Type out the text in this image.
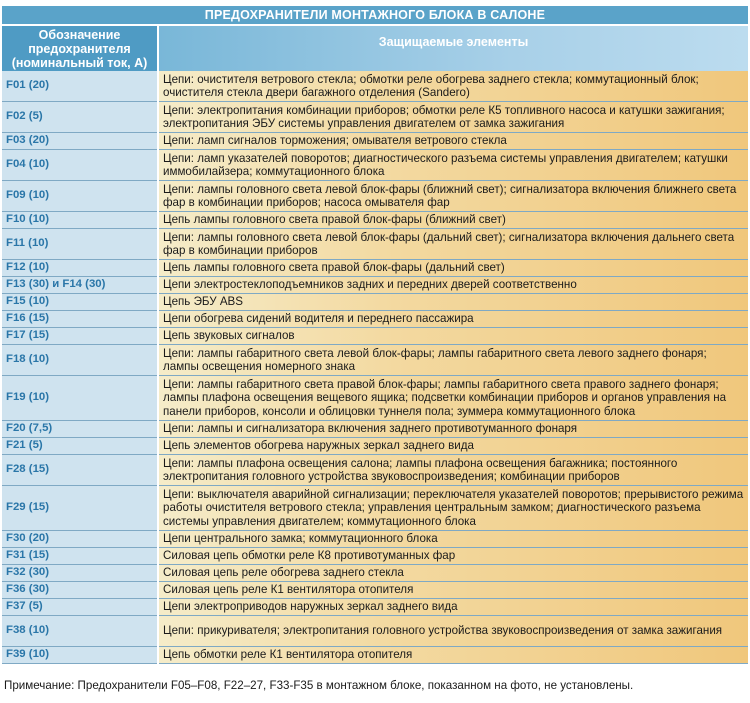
ПРЕДОХРАНИТЕЛИ МОНТАЖНОГО БЛОКА В САЛОНЕ
Обозначение
предохранителя
(номинальный ток, А)	Защищаемые элементы
F01 (20)	Цепи: очистителя ветрового стекла; обмотки реле обогрева заднего стекла; коммутационный блок; очистителя стекла двери багажного отделения (Sandero)
F02 (5)	Цепи: электропитания комбинации приборов; обмотки реле К5 топливного насоса и катушки зажигания; электропитания ЭБУ системы управления двигателем от замка зажигания
F03 (20)	Цепи: ламп сигналов торможения; омывателя ветрового стекла
F04 (10)	Цепи: ламп указателей поворотов; диагностического разъема системы управления двигателем; катушки иммобилайзера; коммутационного блока
F09 (10)	Цепи: лампы головного света левой блок-фары (ближний свет); сигнализатора включения ближнего света фар в комбинации приборов; насоса омывателя фар
F10 (10)	Цепь лампы головного света правой блок-фары (ближний свет)
F11 (10)	Цепи: лампы головного света левой блок-фары (дальний свет); сигнализатора включения дальнего света фар в комбинации приборов
F12 (10)	Цепь лампы головного света правой блок-фары (дальний свет)
F13 (30) и F14 (30)	Цепи электростеклоподъемников задних и передних дверей соответственно
F15 (10)	Цепь ЭБУ ABS
F16 (15)	Цепи обогрева сидений водителя и переднего пассажира
F17 (15)	Цепь звуковых сигналов
F18 (10)	Цепи: лампы габаритного света левой блок-фары; лампы габаритного света левого заднего фонаря; лампы освещения номерного знака
F19 (10)	Цепи: лампы габаритного света правой блок-фары; лампы габаритного света правого заднего фонаря; лампы плафона освещения вещевого ящика; подсветки комбинации приборов и органов управления на панели приборов, консоли и облицовки туннеля пола; зуммера коммутационного блока
F20 (7,5)	Цепи: лампы и сигнализатора включения заднего противотуманного фонаря
F21 (5)	Цепь элементов обогрева наружных зеркал заднего вида
F28 (15)	Цепи: лампы плафона освещения салона; лампы плафона освещения багажника; постоянного электропитания головного устройства звуковоспроизведения; комбинации приборов
F29 (15)	Цепи: выключателя аварийной сигнализации; переключателя указателей поворотов; прерывистого режима работы очистителя ветрового стекла; управления центральным замком; диагностического разъема системы управления двигателем; коммутационного блока
F30 (20)	Цепи центрального замка; коммутационного блока
F31 (15)	Силовая цепь обмотки реле К8 противотуманных фар
F32 (30)	Силовая цепь реле обогрева заднего стекла
F36 (30)	Силовая цепь реле К1 вентилятора отопителя
F37 (5)	Цепи электроприводов наружных зеркал заднего вида
F38 (10)	Цепи: прикуривателя; электропитания головного устройства звуковоспроизведения от замка зажигания
F39 (10)	Цепь обмотки реле К1 вентилятора отопителя
Примечание: Предохранители F05–F08, F22–27, F33-F35 в монтажном блоке, показанном на фото, не установлены.
